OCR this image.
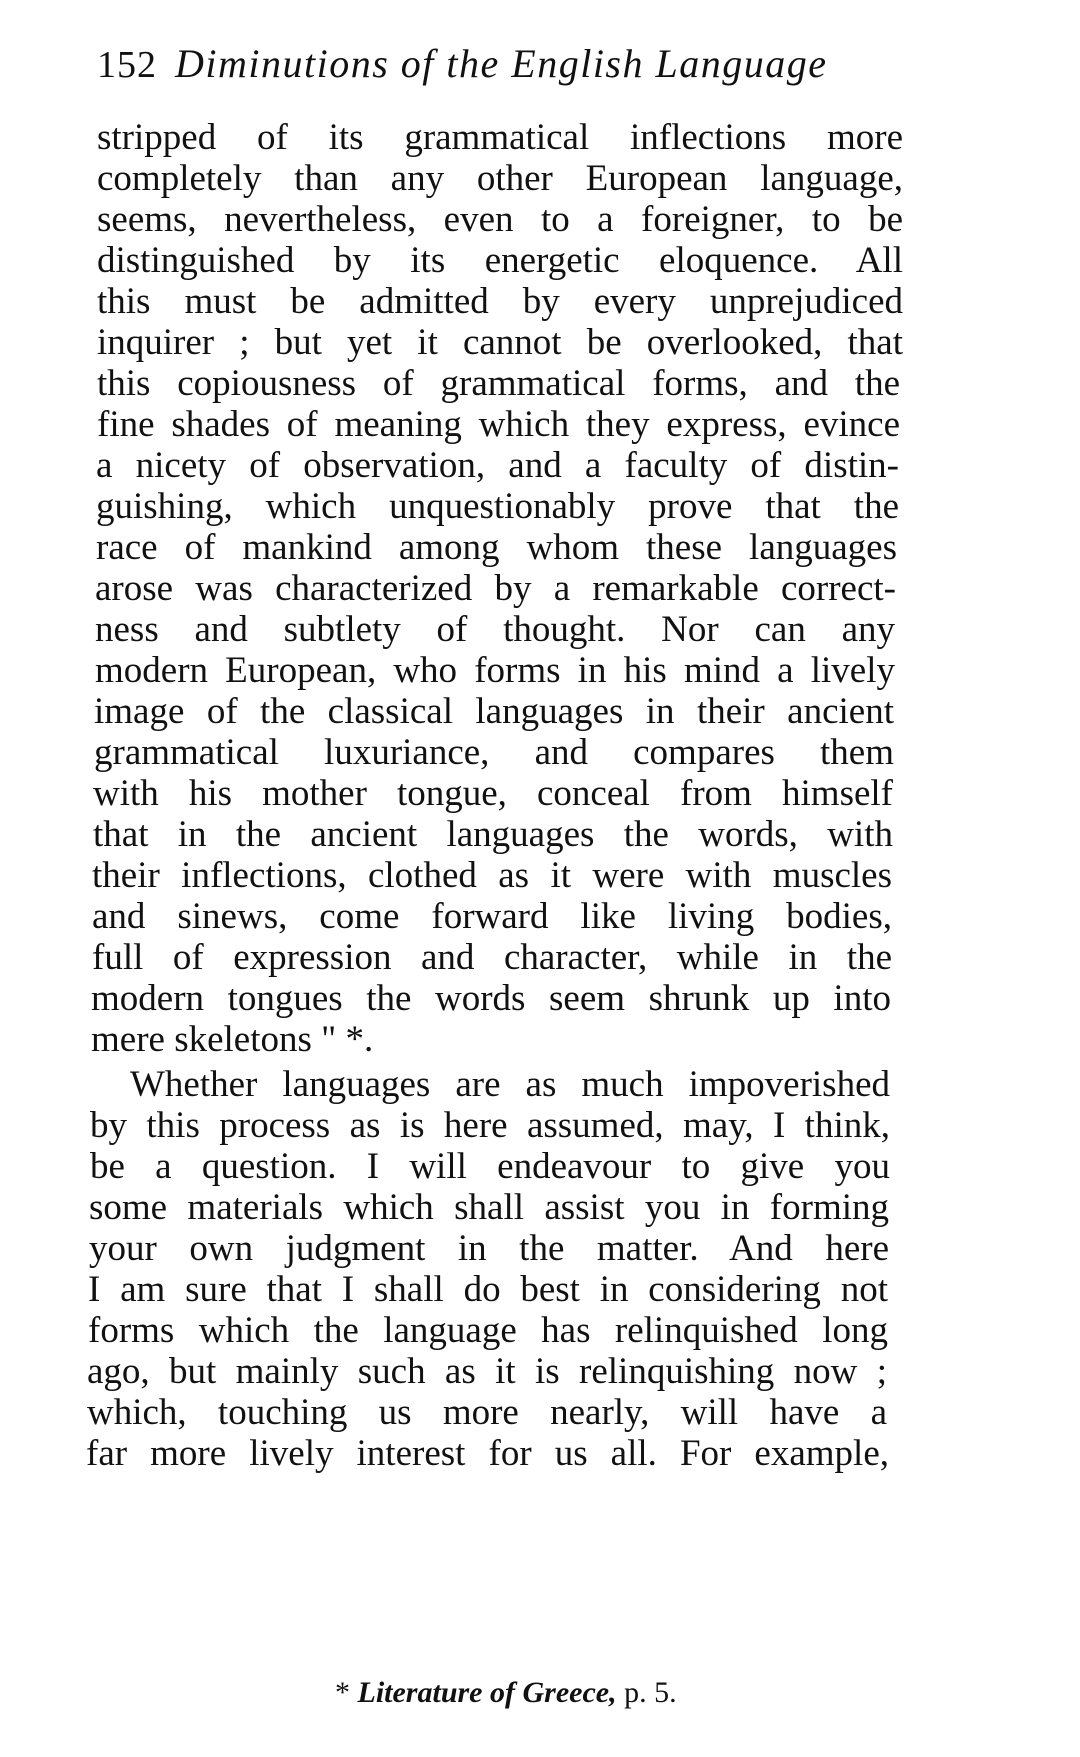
152 Diminutions of the English Language
stripped of its grammatical inflections more
completely than any other European language,
seems, nevertheless, even to a foreigner, to be
distinguished by its energetic eloquence. All
this must be admitted by every unprejudiced
inquirer ; but yet it cannot be overlooked, that
this copiousness of grammatical forms, and the
fine shades of meaning which they express, evince
a nicety of observation, and a faculty of distin-
guishing, which unquestionably prove that the
race of mankind among whom these languages
arose was characterized by a remarkable correct-
ness and subtlety of thought. Nor can any
modern European, who forms in his mind a lively
image of the classical languages in their ancient
grammatical luxuriance, and compares them
with his mother tongue, conceal from himself
that in the ancient languages the words, with
their inflections, clothed as it were with muscles
and sinews, come forward like living bodies,
full of expression and character, while in the
modern tongues the words seem shrunk up into
mere skeletons " *.
Whether languages are as much impoverished
by this process as is here assumed, may, I think,
be a question. I will endeavour to give you
some materials which shall assist you in forming
your own judgment in the matter. And here
I am sure that I shall do best in considering not
forms which the language has relinquished long
ago, but mainly such as it is relinquishing now ;
which, touching us more nearly, will have a
far more lively interest for us all. For example,
* Literature of Greece, p. 5.
